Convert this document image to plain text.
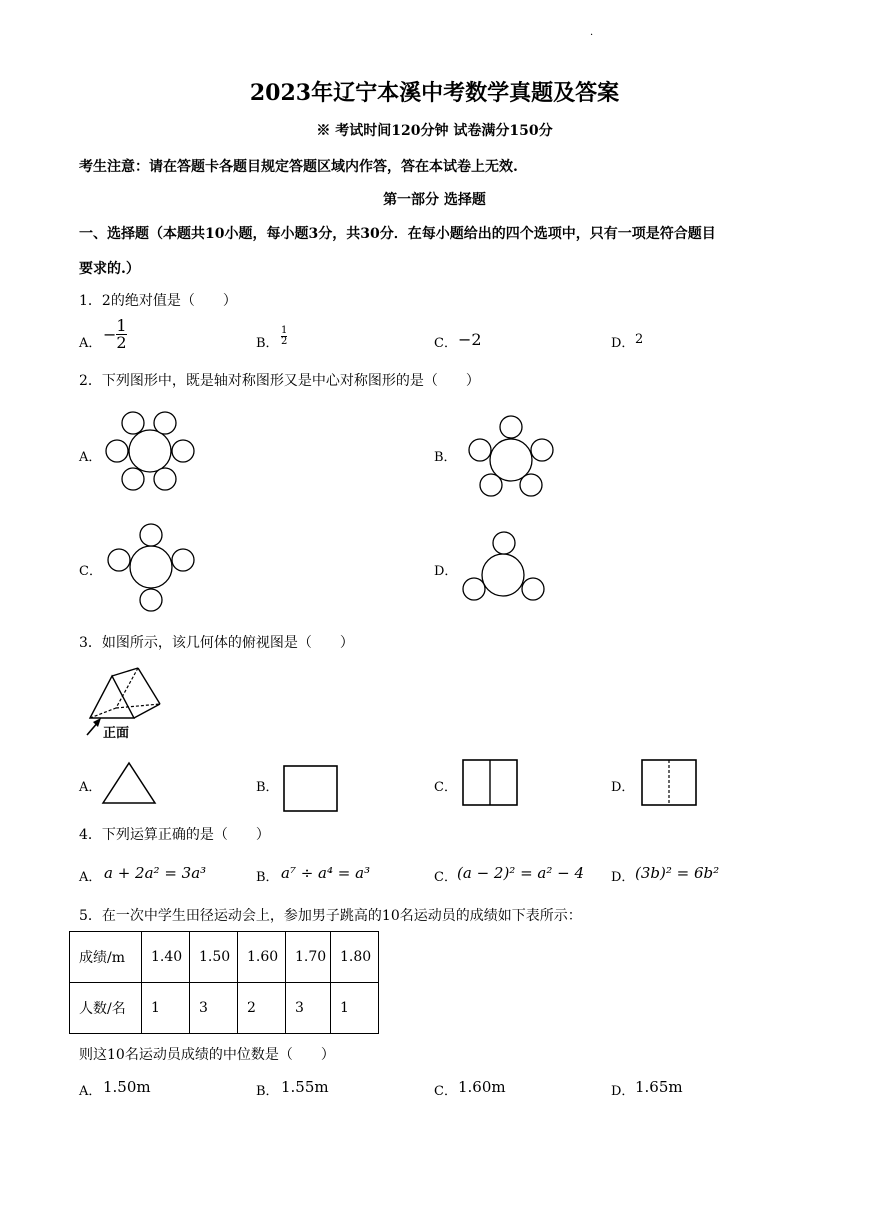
·
2023年辽宁本溪中考数学真题及答案
※ 考试时间120分钟 试卷满分150分
考生注意：请在答题卡各题目规定答题区域内作答，答在本试卷上无效.
第一部分 选择题
一、选择题（本题共10小题，每小题3分，共30分．在每小题给出的四个选项中，只有一项是符合题目
要求的.）
1．2的绝对值是（　　）
A． − $\frac{1}{2}$	B． $\frac{1}{2}$	C． −2	D． 2
2．下列图形中，既是轴对称图形又是中心对称图形的是（　　）
A．	B．
C．	D．
3．如图所示，该几何体的俯视图是（　　）
正面
A．	B．	C．	D．
4．下列运算正确的是（　　）
A． a + 2a² = 3a³	B． a⁷ ÷ a⁴ = a³	C． (a − 2)² = a² − 4 D． (3b)² = 6b²
5．在一次中学生田径运动会上，参加男子跳高的10名运动员的成绩如下表所示：
成绩/m	1.40	1.50	1.60	1.70	1.80
人数/名	1	3	2	3	1
则这10名运动员成绩的中位数是（　　）
A． 1.50m	B． 1.55m	C． 1.60m	D． 1.65m
